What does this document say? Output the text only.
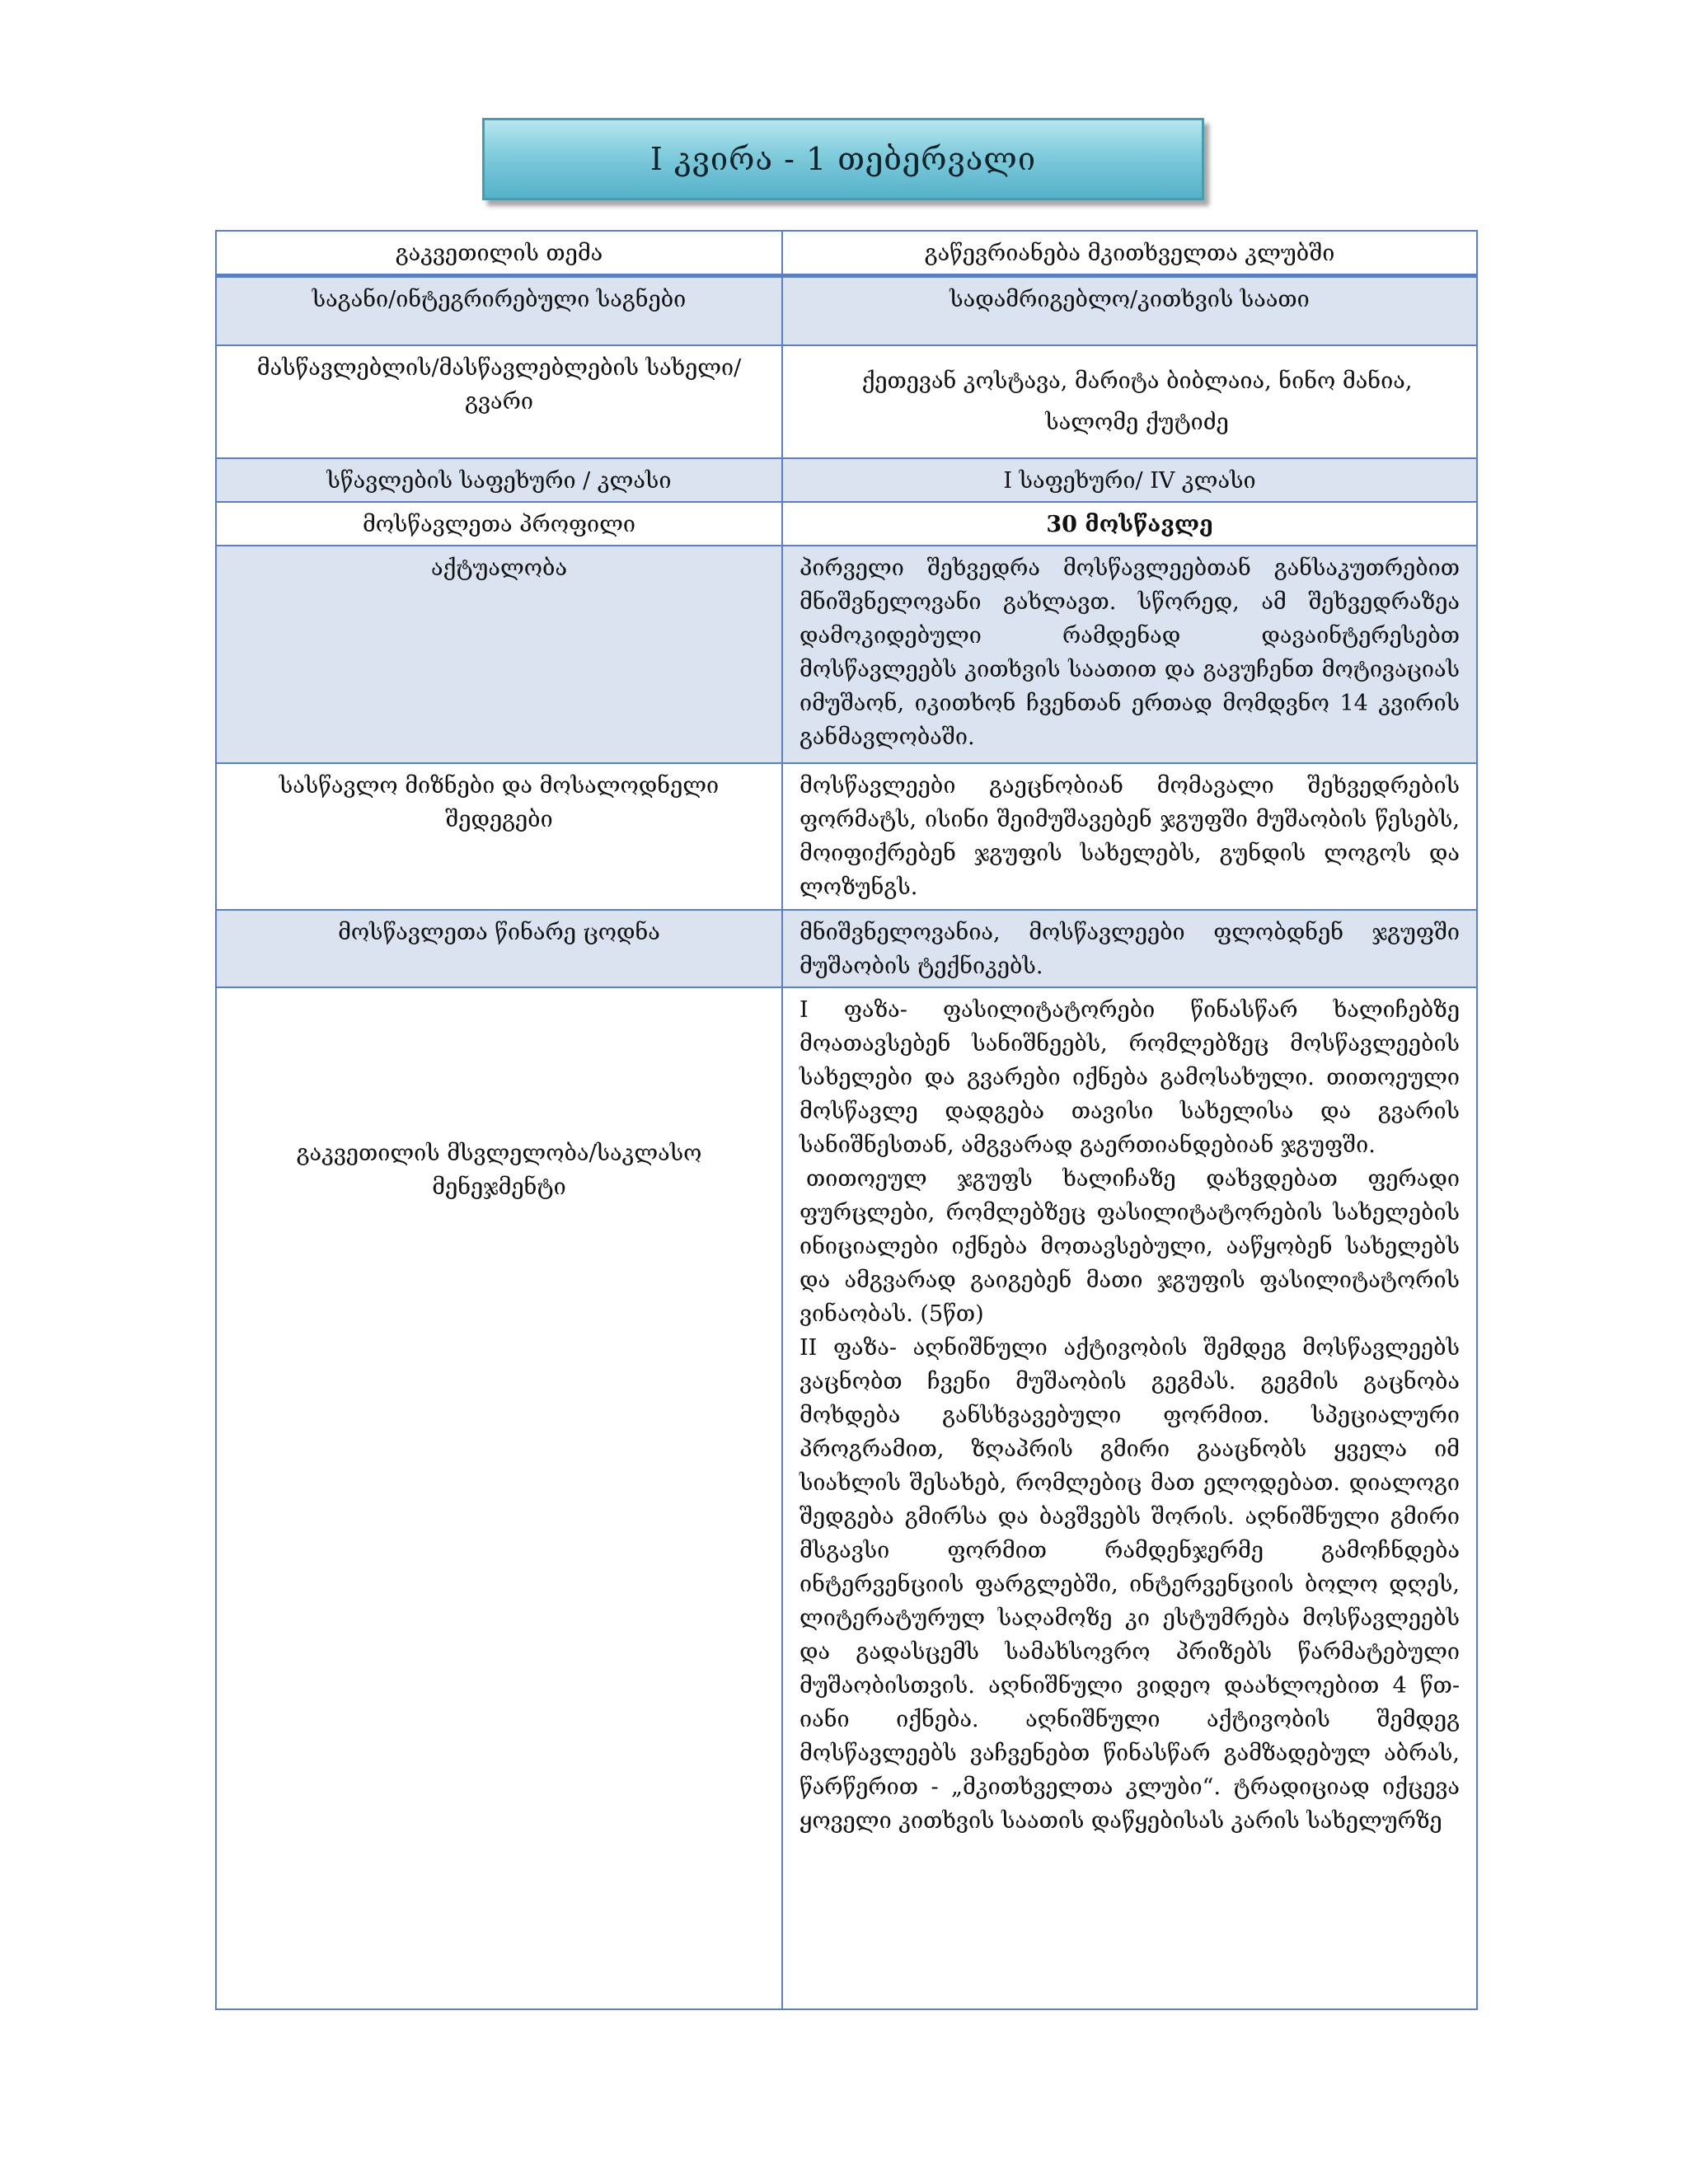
I კვირა - 1 თებერვალი
გაკვეთილის თემა	გაწევრიანება მკითხველთა კლუბში
საგანი/ინტეგრირებული საგნები	სადამრიგებლო/კითხვის საათი
მასწავლებლის/მასწავლებლების სახელი/ გვარი	ქეთევან კოსტავა, მარიტა ბიბლაია, ნინო მანია, სალომე ქუტიძე
სწავლების საფეხური / კლასი	I საფეხური/ IV კლასი
მოსწავლეთა პროფილი	30 მოსწავლე
აქტუალობა	პირველი შეხვედრა მოსწავლეებთან განსაკუთრებით მნიშვნელოვანი გახლავთ. სწორედ, ამ შეხვედრაზეა დამოკიდებული რამდენად დავაინტერესებთ მოსწავლეებს კითხვის საათით და გავუჩენთ მოტივაციას იმუშაონ, იკითხონ ჩვენთან ერთად მომდვნო 14 კვირის განმავლობაში.
სასწავლო მიზნები და მოსალოდნელი შედეგები	მოსწავლეები გაეცნობიან მომავალი შეხვედრების ფორმატს, ისინი შეიმუშავებენ ჯგუფში მუშაობის წესებს, მოიფიქრებენ ჯგუფის სახელებს, გუნდის ლოგოს და ლოზუნგს.
მოსწავლეთა წინარე ცოდნა	მნიშვნელოვანია, მოსწავლეები ფლობდნენ ჯგუფში მუშაობის ტექნიკებს.
გაკვეთილის მსვლელობა/საკლასო მენეჯმენტი	I ფაზა- ფასილიტატორები წინასწარ ხალიჩებზე მოათავსებენ სანიშნეებს, რომლებზეც მოსწავლეების სახელები და გვარები იქნება გამოსახული. თითოეული მოსწავლე დადგება თავისი სახელისა და გვარის სანიშნესთან, ამგვარად გაერთიანდებიან ჯგუფში.

თითოეულ ჯგუფს ხალიჩაზე დახვდებათ ფერადი ფურცლები, რომლებზეც ფასილიტატორების სახელების ინიციალები იქნება მოთავსებული, ააწყობენ სახელებს და ამგვარად გაიგებენ მათი ჯგუფის ფასილიტატორის ვინაობას. (5წთ)

II ფაზა- აღნიშნული აქტივობის შემდეგ მოსწავლეებს ვაცნობთ ჩვენი მუშაობის გეგმას. გეგმის გაცნობა მოხდება განსხვავებული ფორმით. სპეციალური პროგრამით, ზღაპრის გმირი გააცნობს ყველა იმ სიახლის შესახებ, რომლებიც მათ ელოდებათ. დიალოგი შედგება გმირსა და ბავშვებს შორის. აღნიშნული გმირი მსგავსი ფორმით რამდენჯერმე გამოჩნდება ინტერვენციის ფარგლებში, ინტერვენციის ბოლო დღეს, ლიტერატურულ საღამოზე კი ესტუმრება მოსწავლეებს და გადასცემს სამახსოვრო პრიზებს წარმატებული მუშაობისთვის. აღნიშნული ვიდეო დაახლოებით 4 წთ-იანი იქნება. აღნიშნული აქტივობის შემდეგ მოსწავლეებს ვაჩვენებთ წინასწარ გამზადებულ აბრას, წარწერით - „მკითხველთა კლუბი“. ტრადიციად იქცევა ყოველი კითხვის საათის დაწყებისას კარის სახელურზე
